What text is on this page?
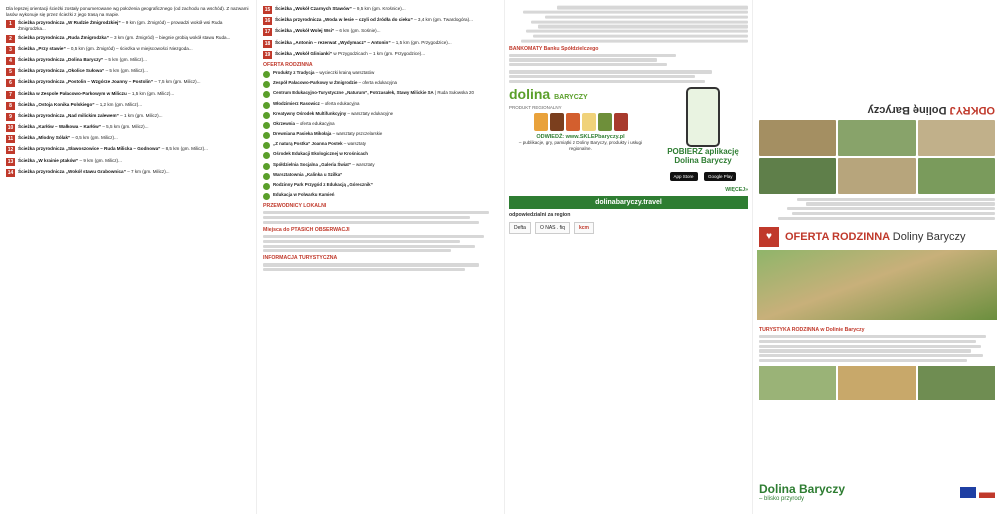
Dla lepszej orientacji ścieżki zostały ponumerowane wg położenia geograficznego (od zachodu na wschód). Z nazwami lasów wykonuje się przez ścieżki z jego trasą na mapie.
1	Ścieżka przyrodnicza „W Rudzie Żmigrodzkiej” – 9 km (gm. Żmigród) – prowadzi wokół wsi Ruda Żmigrodzka...
2	Ścieżka przyrodnicza „Ruda Żmigrodzka” – 3 km (gm. Żmigród) – biegnie grobią wokół stawu Ruda...
3	Ścieżka „Przy stawie” – 0,5 km (gm. Żmigród) – ścieżka w miejscowości Niezgoda...
4	Ścieżka przyrodnicza „Dolina Baryczy” – 5 km (gm. Milicz)...
5	Ścieżka przyrodnicza „Okolice Sułowa” – 5 km (gm. Milicz)...
6	Ścieżka przyrodnicza „Postolin – Wzgórze Joanny – Postolin” – 7,5 km (gm. Milicz)...
7	Ścieżka w Zespole Pałacowo-Parkowym w Miliczu – 1,5 km (gm. Milicz)...
8	Ścieżka „Ostoja Konika Polskiego” – 1,2 km (gm. Milicz)...
9	Ścieżka przyrodnicza „Nad milickim zalewem” – 1 km (gm. Milicz)...
10	Ścieżka „Karłów – Wałkowa – Karłów” – 5,5 km (gm. Milicz)...
11	Ścieżka „Mlodny Sólak” – 0,5 km (gm. Milicz)...
12	Ścieżka przyrodnicza „Sławoszowice – Ruda Milicka – Godnowa” – 8,5 km (gm. Milicz)...
13	Ścieżka „W krainie ptaków” – 9 km (gm. Milicz)...
14	Ścieżka przyrodnicza „Wokół stawu Grabownica” – 7 km (gm. Milicz)...
15	Ścieżka „Wokół Czarnych Stawów” – 9,5 km (gm. Krośnice)...
16	Ścieżka przyrodnicza „Woda w lesie – czyli od źródła do cieku” – 3,4 km (gm. Twardogóra)...
17	Ścieżka „Wokół Wolej Wsi” – 6 km (gm. Sośnie)...
18	Ścieżka „Antonin – rezerwat „Wydymacz” – Antonin” – 1,5 km (gm. Przygodzice)...
19	Ścieżka „Wokół Glinianki” w Przygodzicach – 1 km (gm. Przygodzice)...
OFERTA RODZINNA
Produkty z Tradycja – wycieczki krainą warsztatów
Zespół Pałacowo-Parkowy w Żmigrodzie – oferta edukacyjna
Centrum Edukacyjno-Turystyczne „Naturum”, Potrzasałek, Stawy Milickie SA | Ruda Sułowska 20
Włodzimierz Rasowicz – oferta edukacyjna
Kreatywny Ośrodek Multifunkcyjny – warsztaty edukacyjne
Okrzewnia – oferta edukacyjna
Drewniana Pasieka Mikołaja – warsztaty pszczelarskie
„Z naturą Postka” Joanna Postek – warsztaty
Ośrodek Edukacji Ekologicznej w Krośnicach
Spółdzielnia Socjalna „Galeria Świat” – warsztaty
Warsztatownia „Kalinka u Szilka”
Rodzinny Park Przygód z Edukacją „Górecznik”
Edukacja w Folwarku Kamień
PRZEWODNICY LOKALNI
Miejsca do PTASICH OBSERWACJI
INFORMACJA TURYSTYCZNA
BANKOMATY Banku Spółdzielczego
dolina BARYCZY
PRODUKT REGIONALNY
ODWIEDŹ: www.SKLEPbaryczy.pl
– publikacje, gry, pamiątki z Doliny Baryczy, produkty i usługi regionalne.	POBIERZ aplikację
Dolina Baryczy
App Store	Google Play
WIĘCEJ»
dolinabaryczy.travel
odpowiedzialni za region
Defta	O NAS . fiq	kcm
ODKRYJ Dolinę Baryczy
♥	OFERTA RODZINNA Doliny Baryczy
TURYSTYKA RODZINNA w Dolinie Baryczy
Dolina Baryczy
– blisko przyrody
